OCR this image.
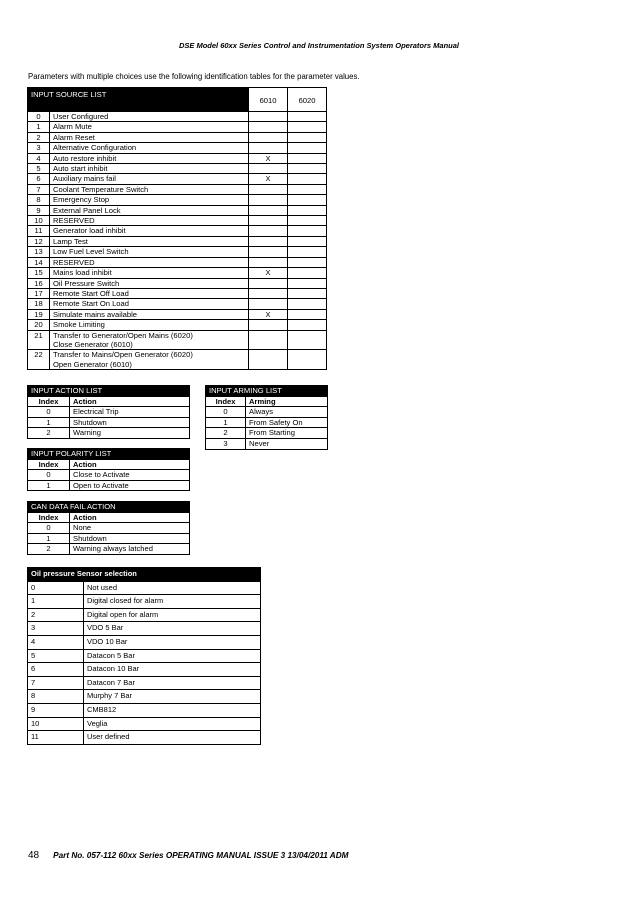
DSE Model 60xx Series Control and Instrumentation System Operators Manual
Parameters with multiple choices use the following identification tables for the parameter values.
INPUT SOURCE LIST		6010	6020
0	User Configured		
1	Alarm Mute		
2	Alarm Reset		
3	Alternative Configuration		
4	Auto restore inhibit	X	
5	Auto start inhibit		
6	Auxiliary mains fail	X	
7	Coolant Temperature Switch		
8	Emergency Stop		
9	External Panel Lock		
10	RESERVED		
11	Generator load inhibit		
12	Lamp Test		
13	Low Fuel Level Switch		
14	RESERVED		
15	Mains load inhibit	X	
16	Oil Pressure Switch		
17	Remote Start Off Load		
18	Remote Start On Load		
19	Simulate mains available	X	
20	Smoke Limiting		
21	Transfer to Generator/Open Mains (6020)
Close Generator (6010)		

22	Transfer to Mains/Open Generator (6020)
Open Generator (6010)		

INPUT ACTION LIST	
Index	Action
0	Electrical Trip
1	Shutdown
2	Warning
INPUT ARMING LIST	
Index	Arming
0	Always
1	From Safety On
2	From Starting
3	Never
INPUT POLARITY LIST	
Index	Action
0	Close to Activate
1	Open to Activate
CAN DATA FAIL ACTION	
Index	Action
0	None
1	Shutdown
2	Warning always latched
Oil pressure Sensor selection	
0	Not used
1	Digital closed for alarm
2	Digital open for alarm
3	VDO 5 Bar
4	VDO 10 Bar
5	Datacon 5 Bar
6	Datacon 10 Bar
7	Datacon 7 Bar
8	Murphy 7 Bar
9	CMB812
10	Veglia
11	User defined
48 Part No. 057-112 60xx Series OPERATING MANUAL ISSUE 3 13/04/2011 ADM
